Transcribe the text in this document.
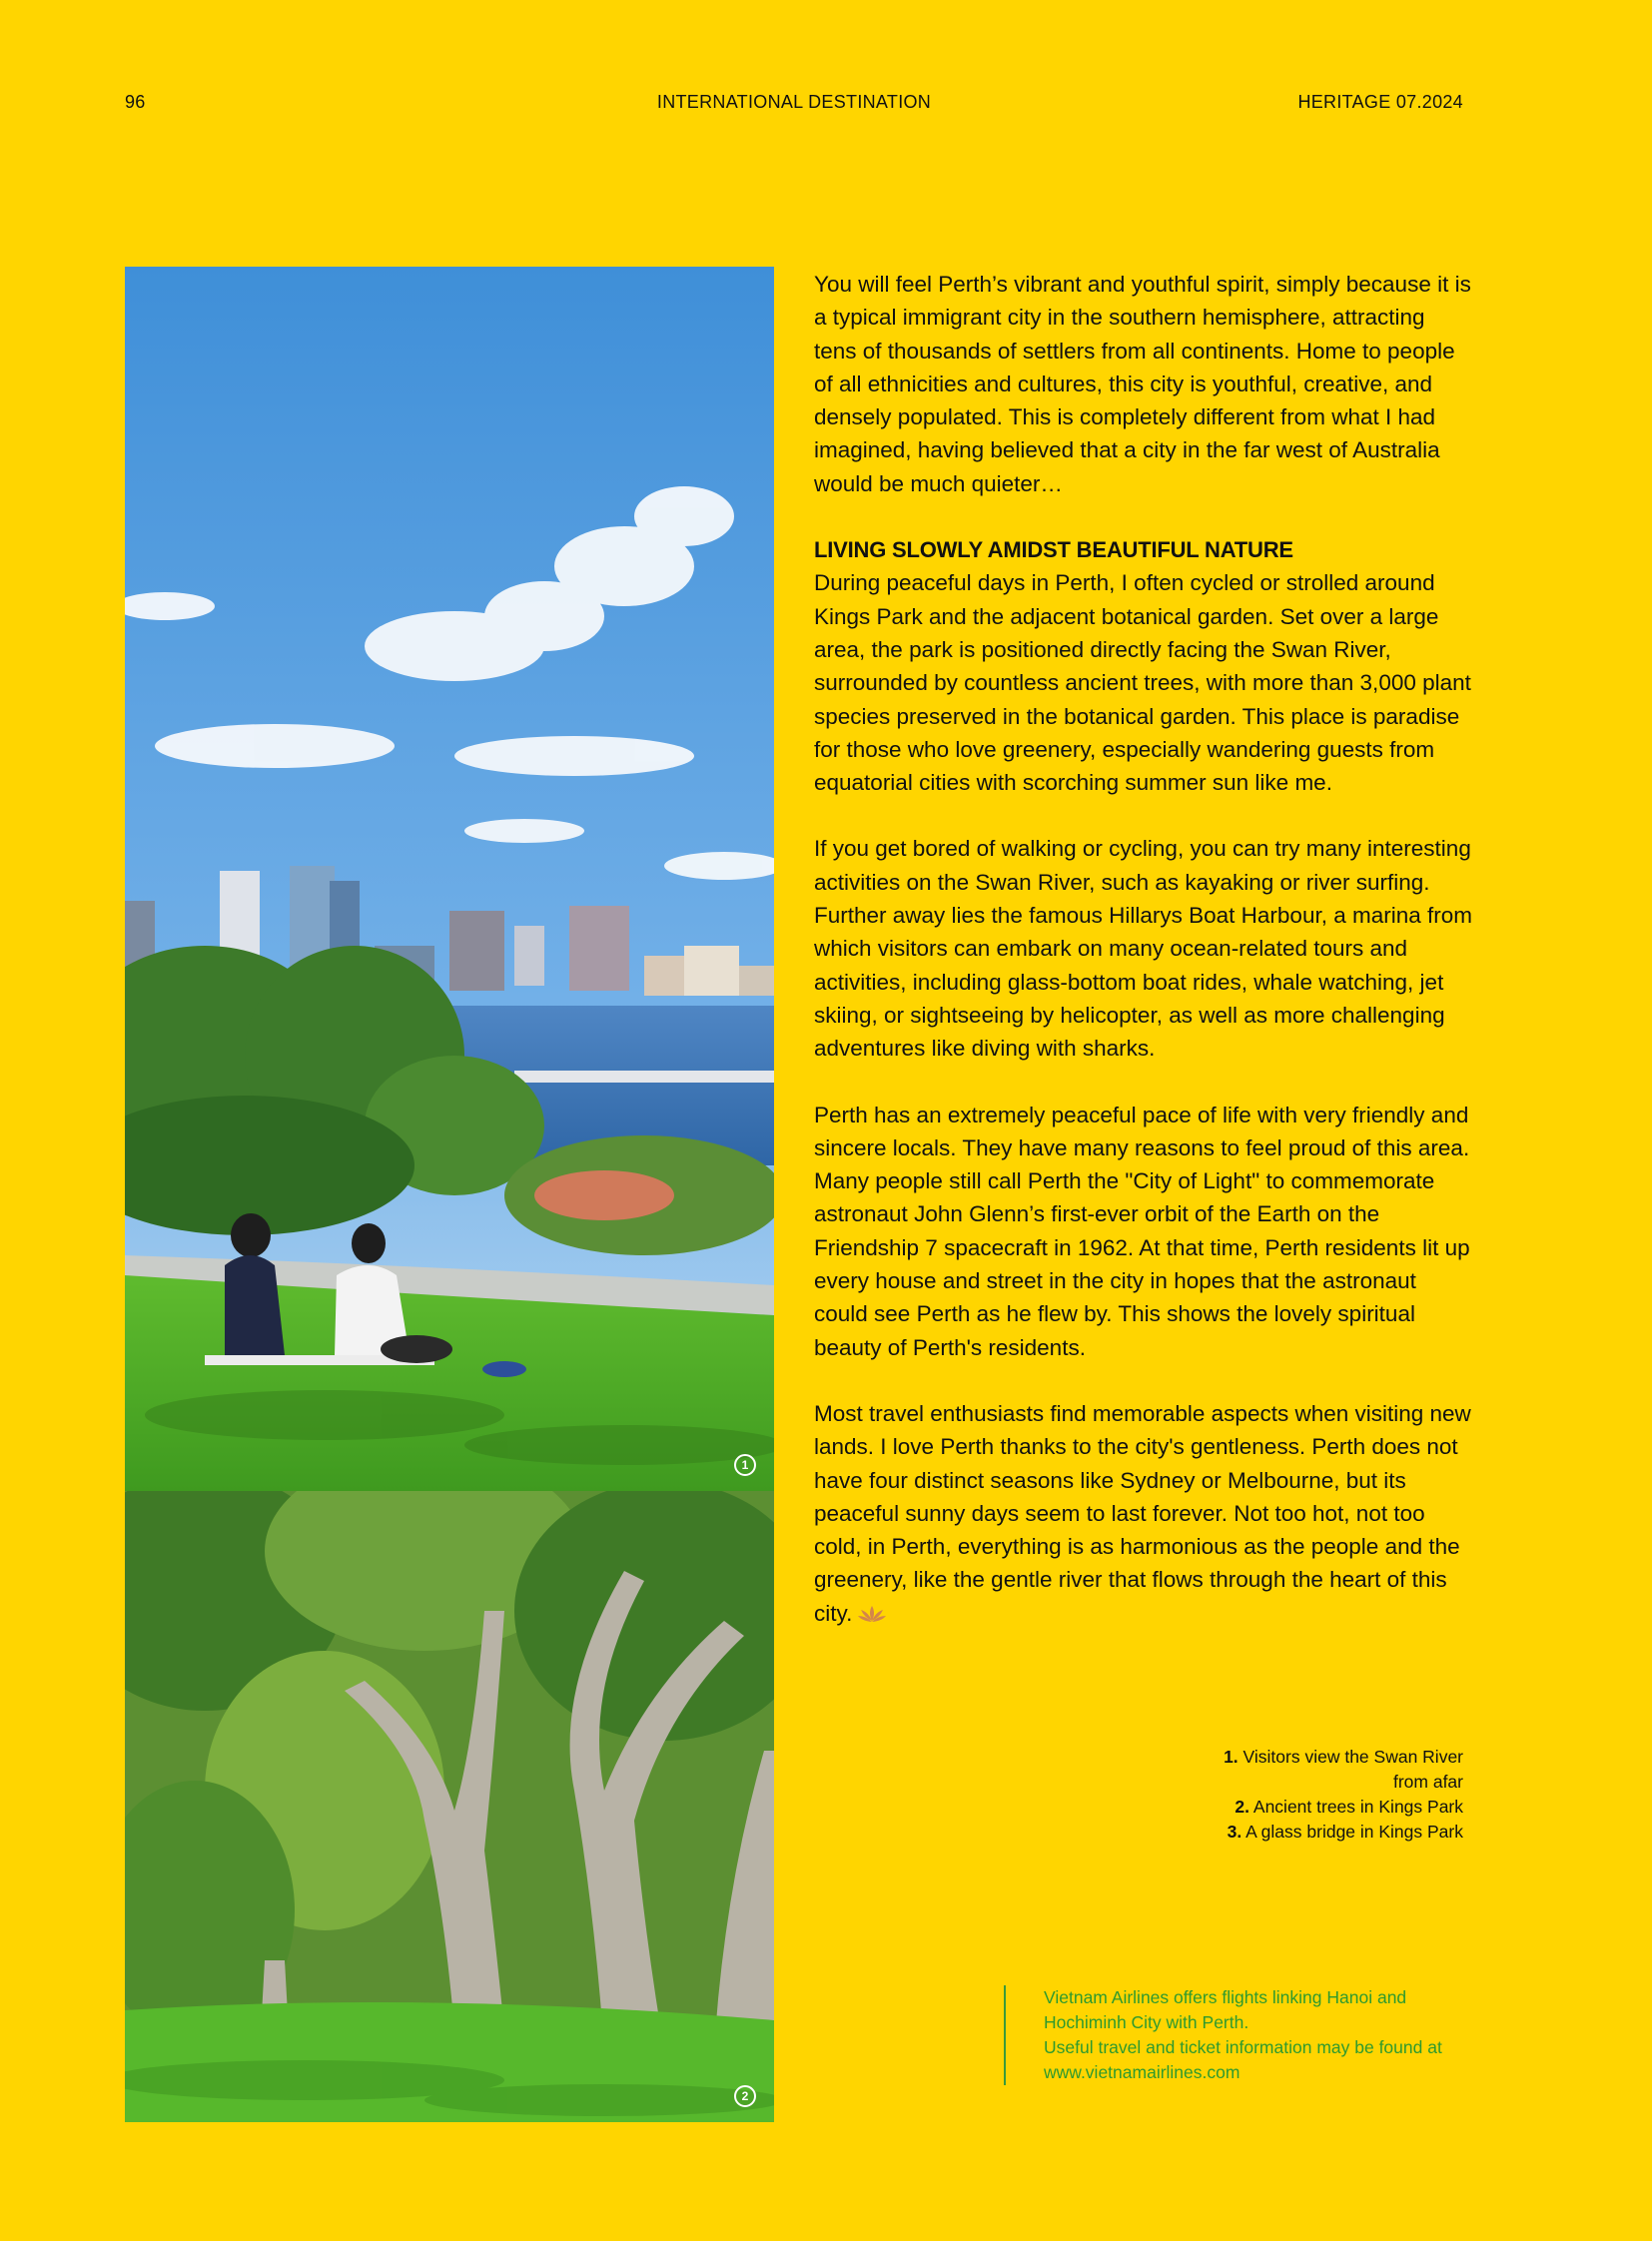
96	INTERNATIONAL DESTINATION	HERITAGE 07.2024
1
2

You will feel Perth’s vibrant and youthful spirit, simply because it is a typical immigrant city in the southern hemisphere, attracting tens of thousands of settlers from all continents. Home to people of all ethnicities and cultures, this city is youthful, creative, and densely populated. This is completely different from what I had imagined, having believed that a city in the far west of Australia would be much quieter…

LIVING SLOWLY AMIDST BEAUTIFUL NATURE

During peaceful days in Perth, I often cycled or strolled around Kings Park and the adjacent botanical garden. Set over a large area, the park is positioned directly facing the Swan River, surrounded by countless ancient trees, with more than 3,000 plant species preserved in the botanical garden. This place is paradise for those who love greenery, especially wandering guests from equatorial cities with scorching summer sun like me.

If you get bored of walking or cycling, you can try many interesting activities on the Swan River, such as kayaking or river surfing. Further away lies the famous Hillarys Boat Harbour, a marina from which visitors can embark on many ocean-related tours and activities, including glass-bottom boat rides, whale watching, jet skiing, or sightseeing by helicopter, as well as more challenging adventures like diving with sharks.

Perth has an extremely peaceful pace of life with very friendly and sincere locals. They have many reasons to feel proud of this area. Many people still call Perth the "City of Light" to commemorate astronaut John Glenn’s first-ever orbit of the Earth on the Friendship 7 spacecraft in 1962. At that time, Perth residents lit up every house and street in the city in hopes that the astronaut could see Perth as he flew by. This shows the lovely spiritual beauty of Perth's residents.

Most travel enthusiasts find memorable aspects when visiting new lands. I love Perth thanks to the city's gentleness. Perth does not have four distinct seasons like Sydney or Melbourne, but its peaceful sunny days seem to last forever. Not too hot, not too cold, in Perth, everything is as harmonious as the people and the greenery, like the gentle river that flows through the heart of this city.

1. Visitors view the Swan River from afar
2. Ancient trees in Kings Park
3. A glass bridge in Kings Park
Vietnam Airlines offers flights linking Hanoi and Hochiminh City with Perth.
Useful travel and ticket information may be found at www.vietnamairlines.com
